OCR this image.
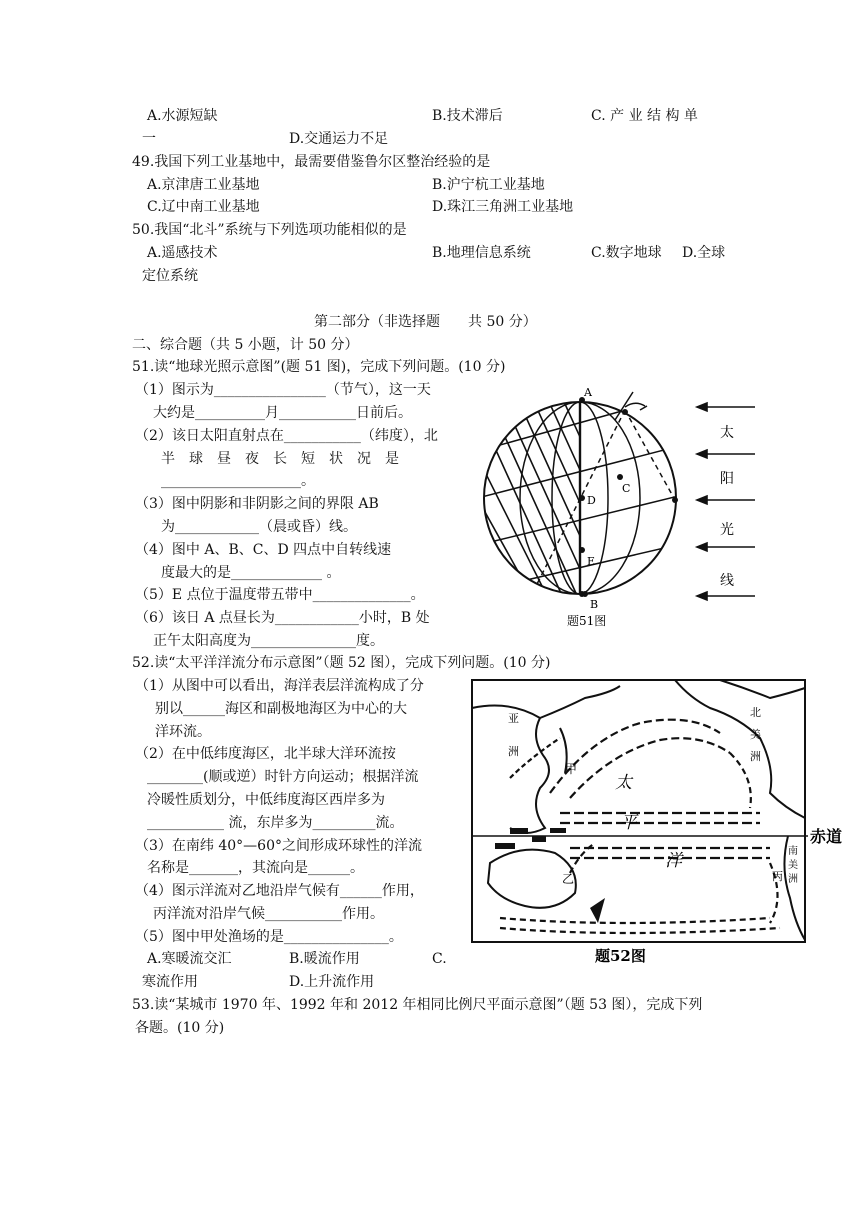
A.水源短缺	B.技术滞后	C. 产 业 结 构 单
一	D.交通运力不足
49.我国下列工业基地中，最需要借鉴鲁尔区整治经验的是
A.京津唐工业基地	B.沪宁杭工业基地
C.辽中南工业基地	D.珠江三角洲工业基地
50.我国“北斗”系统与下列选项功能相似的是
A.遥感技术	B.地理信息系统	C.数字地球 D.全球
定位系统
第二部分（非选择题　　共 50 分）
二、综合题（共 5 小题，计 50 分）
51.读“地球光照示意图”(题 51 图)，完成下列问题。(10 分)
（1）图示为________________（节气），这一天
大约是__________月___________日前后。
（2）该日太阳直射点在___________（纬度），北
半　球　昼　夜　长　短　状　况　是
____________________。
（3）图中阴影和非阴影之间的界限 AB
为____________（晨或昏）线。
（4）图中 A、B、C、D 四点中自转线速
度最大的是_____________ 。
（5）E 点位于温度带五带中______________。
（6）该日 A 点昼长为____________小时，B 处
正午太阳高度为_______________度。
A
D
C
E
B
题51图
太
阳
光
线
52.读“太平洋洋流分布示意图”（题 52 图），完成下列问题。(10 分)
（1）从图中可以看出，海洋表层洋流构成了分
别以______海区和副极地海区为中心的大
洋环流。
（2）在中低纬度海区，北半球大洋环流按
________(顺或逆）时针方向运动；根据洋流
冷暖性质划分，中低纬度海区西岸多为
___________ 流，东岸多为_________流。
（3）在南纬 40°—60°之间形成环球性的洋流
名称是_______，其流向是______。
（4）图示洋流对乙地沿岸气候有______作用，
丙洋流对沿岸气候___________作用。
（5）图中甲处渔场的是_______________。
A.寒暖流交汇	B.暖流作用	C.
寒流作用	D.上升流作用
亚
洲
北
美
洲
南
美
洲
太
平
洋
甲
乙	丙
赤道
题52图
53.读“某城市 1970 年、1992 年和 2012 年相同比例尺平面示意图”（题 53 图），完成下列
各题。(10 分)
